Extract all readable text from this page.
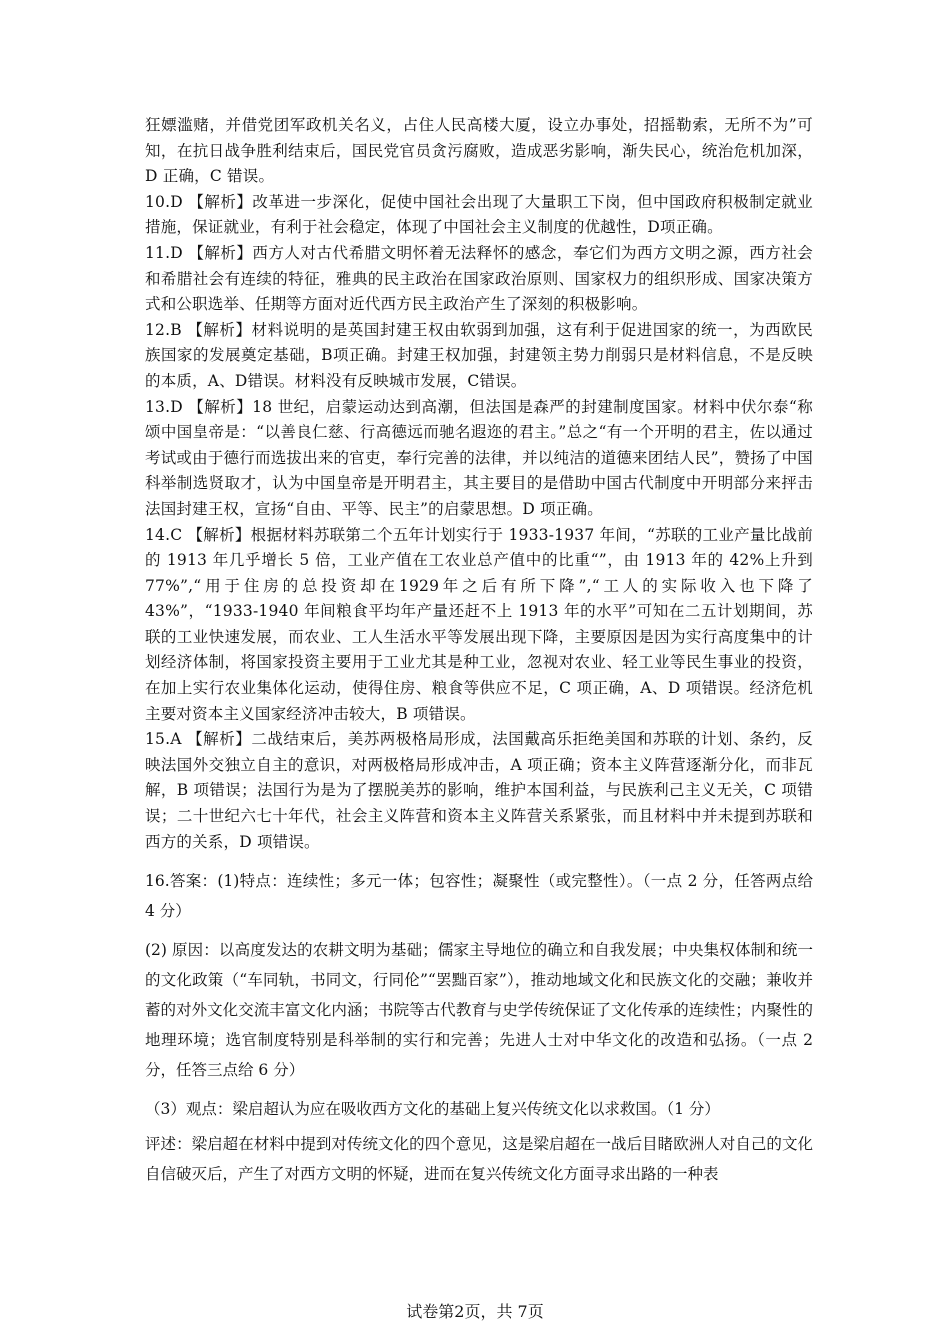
狂嫖滥赌，并借党团军政机关名义，占住人民高楼大厦，设立办事处，招摇勒索，无所不为”可知，在抗日战争胜利结束后，国民党官员贪污腐败，造成恶劣影响，渐失民心，统治危机加深，D 正确，C 错误。

10.D 【解析】改革进一步深化，促使中国社会出现了大量职工下岗，但中国政府积极制定就业措施，保证就业，有利于社会稳定，体现了中国社会主义制度的优越性，D项正确。

11.D 【解析】西方人对古代希腊文明怀着无法释怀的感念，奉它们为西方文明之源，西方社会和希腊社会有连续的特征，雅典的民主政治在国家政治原则、国家权力的组织形成、国家决策方式和公职选举、任期等方面对近代西方民主政治产生了深刻的积极影响。

12.B 【解析】材料说明的是英国封建王权由软弱到加强，这有利于促进国家的统一，为西欧民族国家的发展奠定基础，B项正确。封建王权加强，封建领主势力削弱只是材料信息，不是反映的本质，A、D错误。材料没有反映城市发展，C错误。

13.D 【解析】18 世纪，启蒙运动达到高潮，但法国是森严的封建制度国家。材料中伏尔泰“称颂中国皇帝是：“以善良仁慈、行高德远而驰名遐迩的君主。”总之“有一个开明的君主，佐以通过考试或由于德行而选拔出来的官吏，奉行完善的法律，并以纯洁的道德来团结人民”，赞扬了中国科举制选贤取才，认为中国皇帝是开明君主，其主要目的是借助中国古代制度中开明部分来抨击法国封建王权，宣扬“自由、平等、民主”的启蒙思想。D 项正确。

14.C 【解析】根据材料苏联第二个五年计划实行于 1933-1937 年间，“苏联的工业产量比战前的 1913 年几乎增长 5 倍，工业产值在工农业总产值中的比重“”，由 1913 年的 42%上升到77%”,“用于住房的总投资却在1929年之后有所下降”,“工人的实际收入也下降了43%”，“1933-1940 年间粮食平均年产量还赶不上 1913 年的水平”可知在二五计划期间，苏联的工业快速发展，而农业、工人生活水平等发展出现下降，主要原因是因为实行高度集中的计划经济体制，将国家投资主要用于工业尤其是种工业，忽视对农业、轻工业等民生事业的投资，在加上实行农业集体化运动，使得住房、粮食等供应不足，C 项正确，A、D 项错误。经济危机主要对资本主义国家经济冲击较大，B 项错误。

15.A 【解析】二战结束后，美苏两极格局形成，法国戴高乐拒绝美国和苏联的计划、条约，反映法国外交独立自主的意识，对两极格局形成冲击，A 项正确；资本主义阵营逐渐分化，而非瓦解，B 项错误；法国行为是为了摆脱美苏的影响，维护本国利益，与民族利己主义无关，C 项错误；二十世纪六七十年代，社会主义阵营和资本主义阵营关系紧张，而且材料中并未提到苏联和西方的关系，D 项错误。

16.答案：(1)特点：连续性；多元一体；包容性；凝聚性（或完整性）。（一点 2 分，任答两点给 4 分）

(2) 原因：以高度发达的农耕文明为基础；儒家主导地位的确立和自我发展；中央集权体制和统一的文化政策（“车同轨，书同文，行同伦”“罢黜百家”），推动地域文化和民族文化的交融；兼收并蓄的对外文化交流丰富文化内涵；书院等古代教育与史学传统保证了文化传承的连续性；内聚性的地理环境；选官制度特别是科举制的实行和完善；先进人士对中华文化的改造和弘扬。（一点 2 分，任答三点给 6 分）

（3）观点：梁启超认为应在吸收西方文化的基础上复兴传统文化以求救国。（1 分）

评述：梁启超在材料中提到对传统文化的四个意见，这是梁启超在一战后目睹欧洲人对自己的文化自信破灭后，产生了对西方文明的怀疑，进而在复兴传统文化方面寻求出路的一种表

试卷第2页，共 7页
